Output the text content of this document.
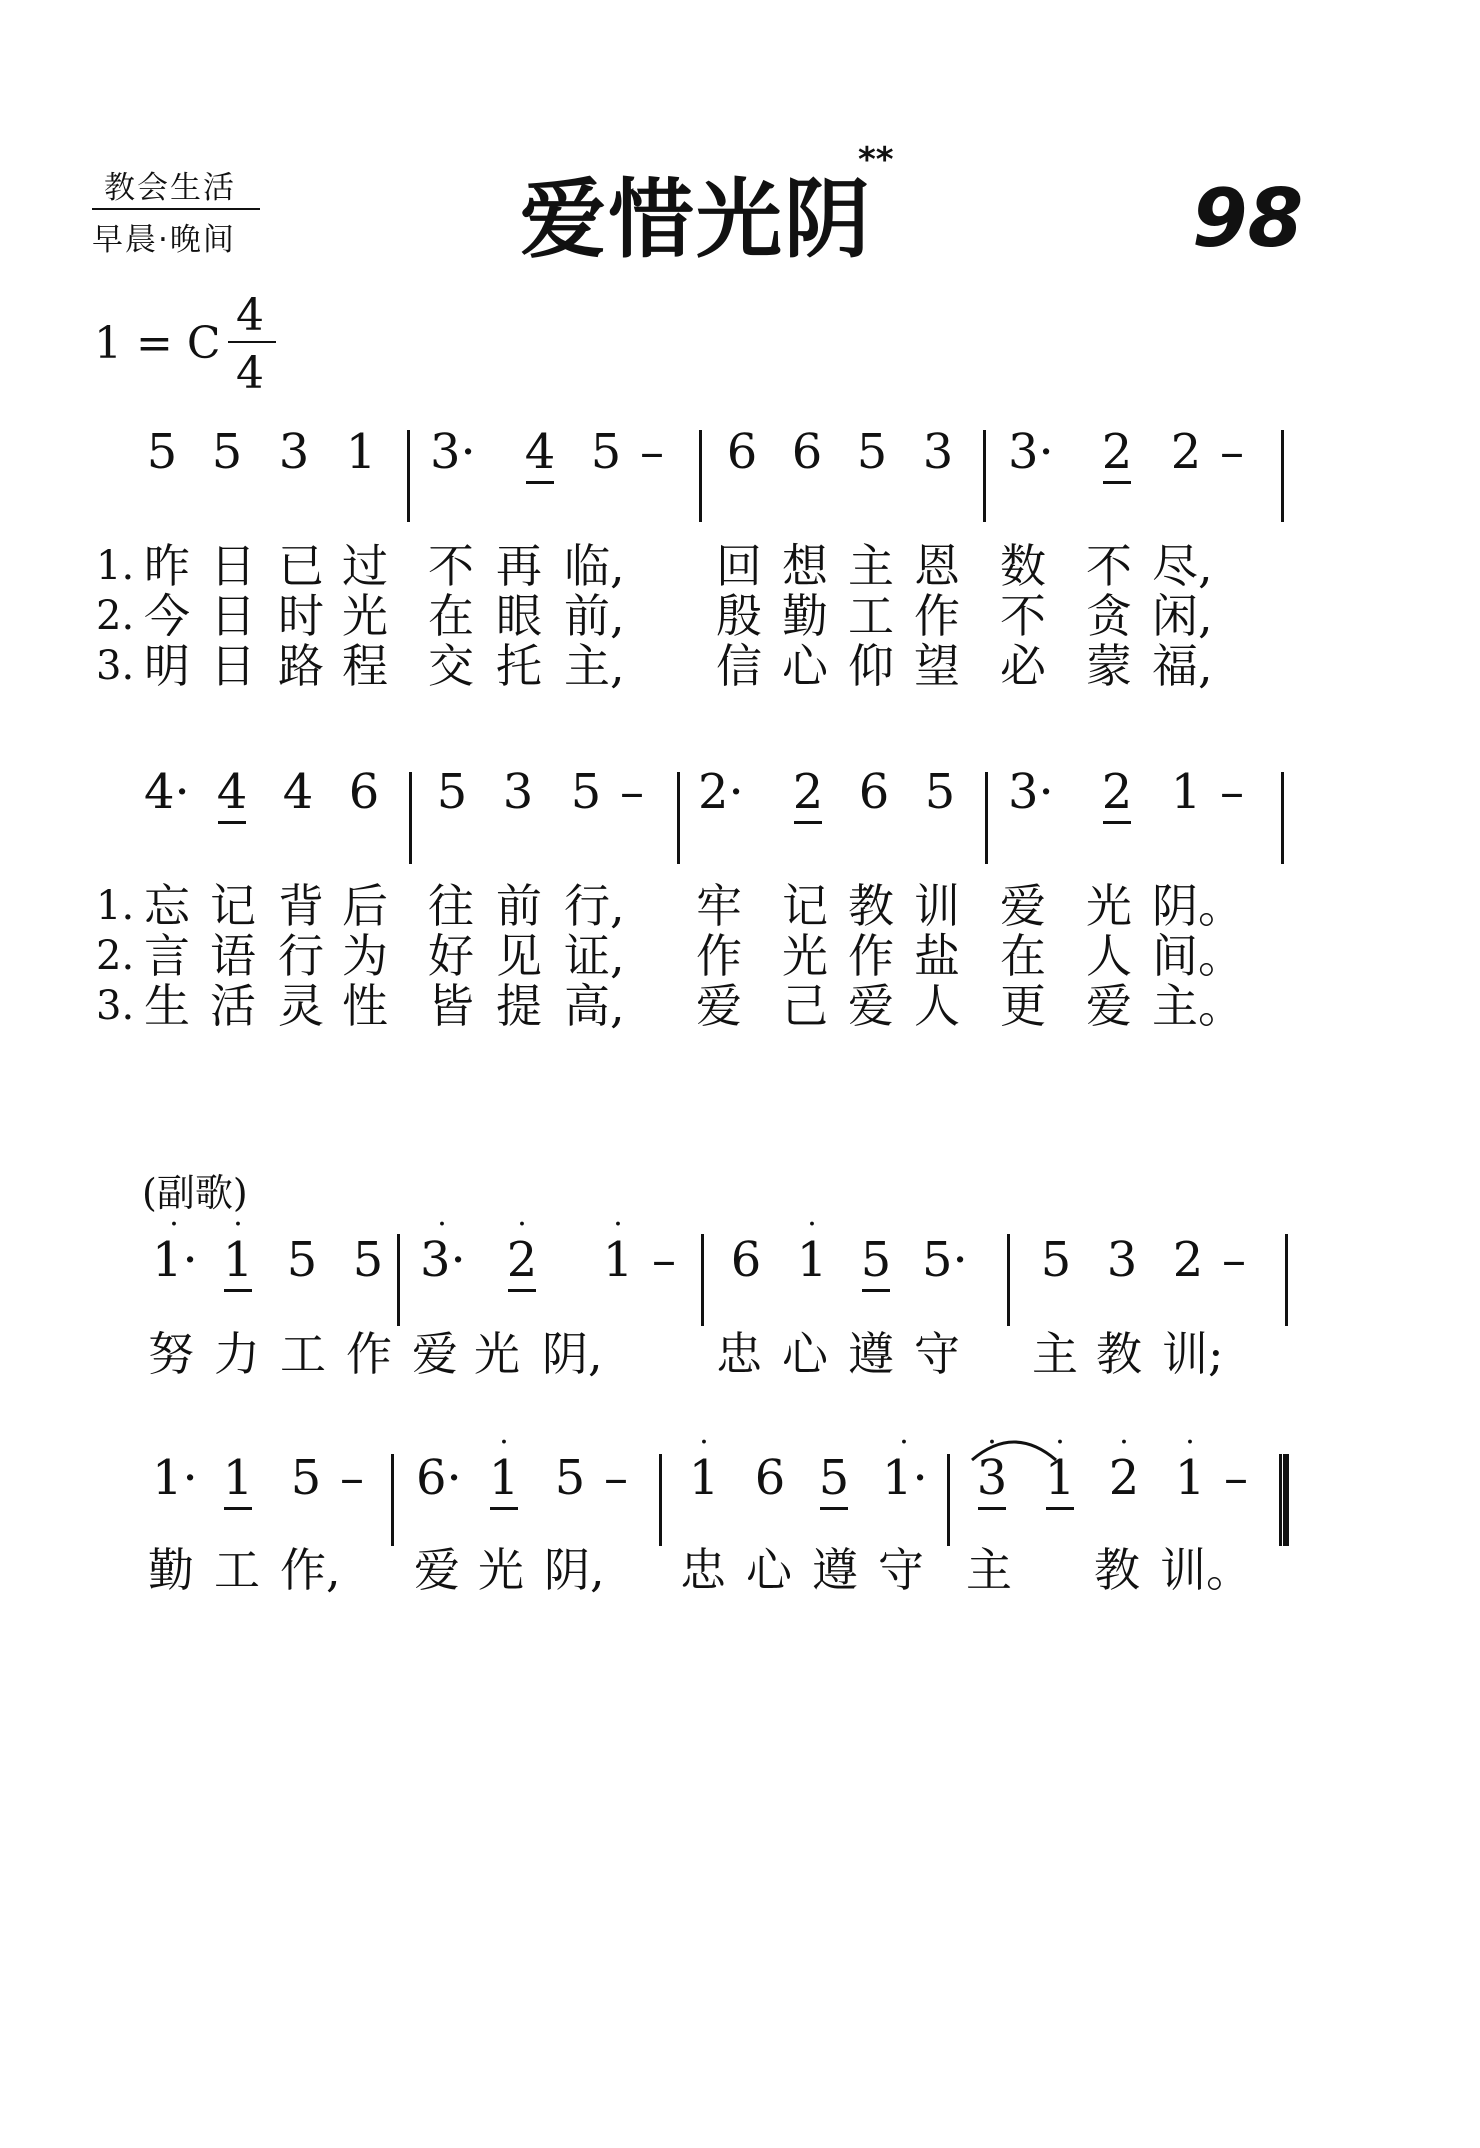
教会生活
早晨·晚间	爱惜光阴
**
98
1 = C
4
4
(副歌)
5 5 3 1 3· 4 5 – 6 6 5 3 3· 2 2 –
1. 昨 日 已 过 不 再 临, 回 想 主 恩 数 不 尽,
2. 今 日 时 光 在 眼 前, 殷 勤 工 作 不 贪 闲,
3. 明 日 路 程 交 托 主, 信 心 仰 望 必 蒙 福,
4· 4 4 6 5 3 5 – 2· 2 6 5 3· 2 1 –
1. 忘 记 背 后 往 前 行, 牢 记 教 训 爱 光 阴。
2. 言 语 行 为 好 见 证, 作 光 作 盐 在 人 间。
3. 生 活 灵 性 皆 提 高, 爱 己 爱 人 更 爱 主。
1·
·
1
·
5 5 3·
·
2
·
1
·
– 6 1
·
5 5· 5 3 2 –
努 力 工 作 爱 光 阴, 忠 心 遵 守 主 教 训;
1· 1 5 – 6· 1
·
5 – 1
·
6 5 1·
·
3
·
1
·
2
·
1
·
–
勤 工 作, 爱 光 阴, 忠 心 遵 守 主 教 训。
